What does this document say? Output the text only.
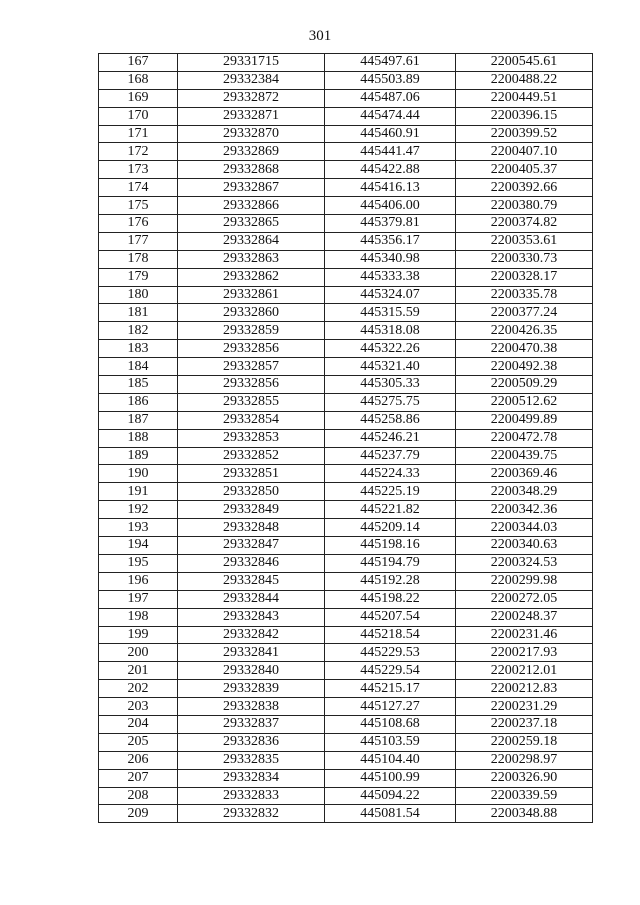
301
167	29331715	445497.61	2200545.61
168	29332384	445503.89	2200488.22
169	29332872	445487.06	2200449.51
170	29332871	445474.44	2200396.15
171	29332870	445460.91	2200399.52
172	29332869	445441.47	2200407.10
173	29332868	445422.88	2200405.37
174	29332867	445416.13	2200392.66
175	29332866	445406.00	2200380.79
176	29332865	445379.81	2200374.82
177	29332864	445356.17	2200353.61
178	29332863	445340.98	2200330.73
179	29332862	445333.38	2200328.17
180	29332861	445324.07	2200335.78
181	29332860	445315.59	2200377.24
182	29332859	445318.08	2200426.35
183	29332856	445322.26	2200470.38
184	29332857	445321.40	2200492.38
185	29332856	445305.33	2200509.29
186	29332855	445275.75	2200512.62
187	29332854	445258.86	2200499.89
188	29332853	445246.21	2200472.78
189	29332852	445237.79	2200439.75
190	29332851	445224.33	2200369.46
191	29332850	445225.19	2200348.29
192	29332849	445221.82	2200342.36
193	29332848	445209.14	2200344.03
194	29332847	445198.16	2200340.63
195	29332846	445194.79	2200324.53
196	29332845	445192.28	2200299.98
197	29332844	445198.22	2200272.05
198	29332843	445207.54	2200248.37
199	29332842	445218.54	2200231.46
200	29332841	445229.53	2200217.93
201	29332840	445229.54	2200212.01
202	29332839	445215.17	2200212.83
203	29332838	445127.27	2200231.29
204	29332837	445108.68	2200237.18
205	29332836	445103.59	2200259.18
206	29332835	445104.40	2200298.97
207	29332834	445100.99	2200326.90
208	29332833	445094.22	2200339.59
209	29332832	445081.54	2200348.88
